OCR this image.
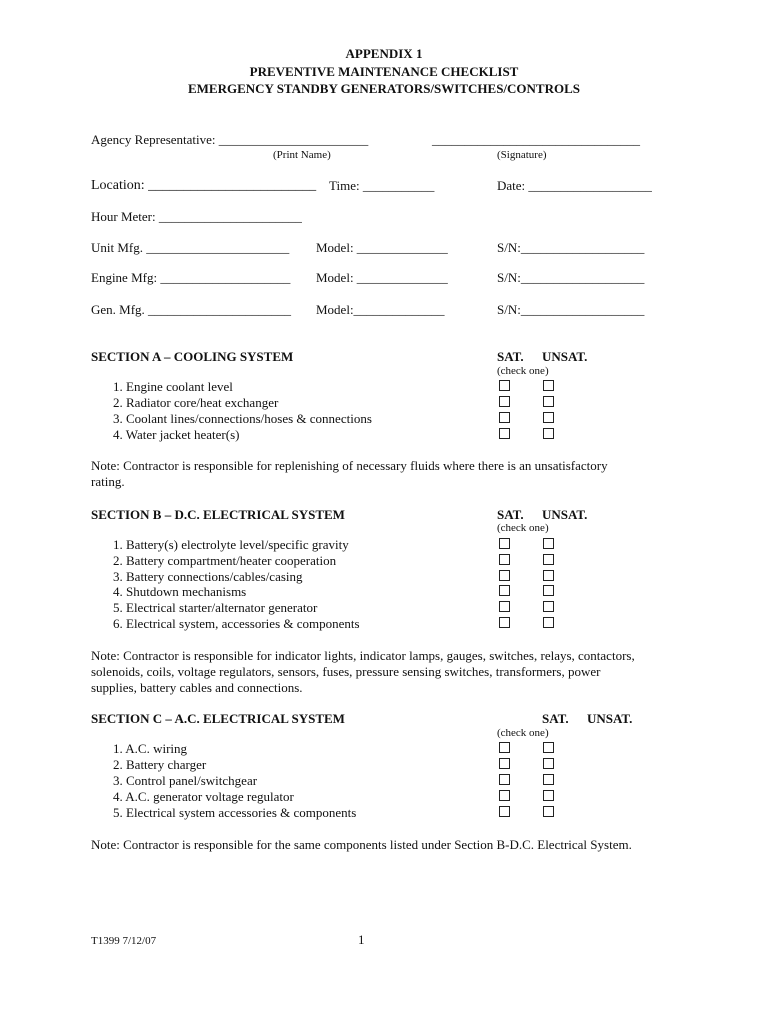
APPENDIX 1
PREVENTIVE MAINTENANCE CHECKLIST
EMERGENCY STANDBY GENERATORS/SWITCHES/CONTROLS
Agency Representative: _______________________	________________________________
(Print Name)	(Signature)
Location: ________________________ Time: ___________	Date: ___________________
Hour Meter: ______________________
Unit Mfg. ______________________ Model: ______________	S/N:___________________
Engine Mfg: ____________________ Model: ______________	S/N:___________________
Gen. Mfg. ______________________ Model:______________	S/N:___________________
SECTION A – COOLING SYSTEM	SAT. UNSAT.
(check one)
1. Engine coolant level
2. Radiator core/heat exchanger
3. Coolant lines/connections/hoses & connections
4. Water jacket heater(s)
Note: Contractor is responsible for replenishing of necessary fluids where there is an unsatisfactory
rating.
SECTION B – D.C. ELECTRICAL SYSTEM	SAT. UNSAT.
(check one)
1. Battery(s) electrolyte level/specific gravity
2. Battery compartment/heater cooperation
3. Battery connections/cables/casing
4. Shutdown mechanisms
5. Electrical starter/alternator generator
6. Electrical system, accessories & components
Note: Contractor is responsible for indicator lights, indicator lamps, gauges, switches, relays, contactors,
solenoids, coils, voltage regulators, sensors, fuses, pressure sensing switches, transformers, power
supplies, battery cables and connections.
SECTION C – A.C. ELECTRICAL SYSTEM	SAT. UNSAT.
(check one)
1. A.C. wiring
2. Battery charger
3. Control panel/switchgear
4. A.C. generator voltage regulator
5. Electrical system accessories & components
Note: Contractor is responsible for the same components listed under Section B-D.C. Electrical System.
T1399 7/12/07	1
